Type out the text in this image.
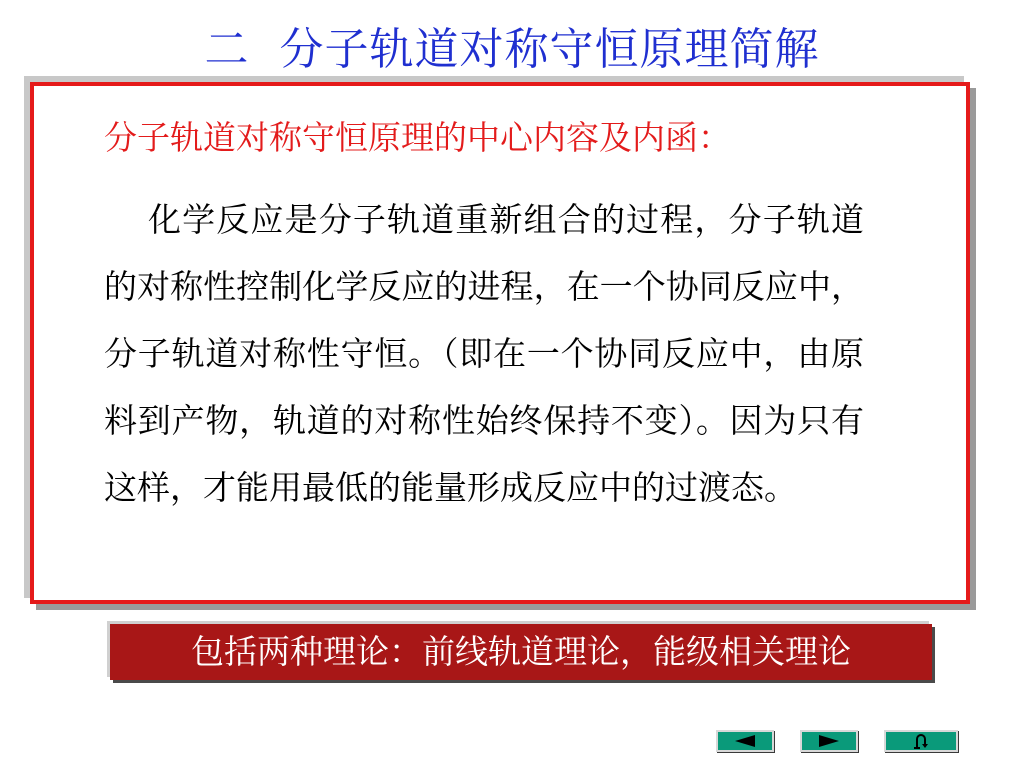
二  分子轨道对称守恒原理简解
分子轨道对称守恒原理的中心内容及内函：
化学反应是分子轨道重新组合的过程，分子轨道的对称性控制化学反应的进程，在一个协同反应中，分子轨道对称性守恒。（即在一个协同反应中，由原料到产物，轨道的对称性始终保持不变）。因为只有这样，才能用最低的能量形成反应中的过渡态。
包括两种理论：前线轨道理论，能级相关理论
